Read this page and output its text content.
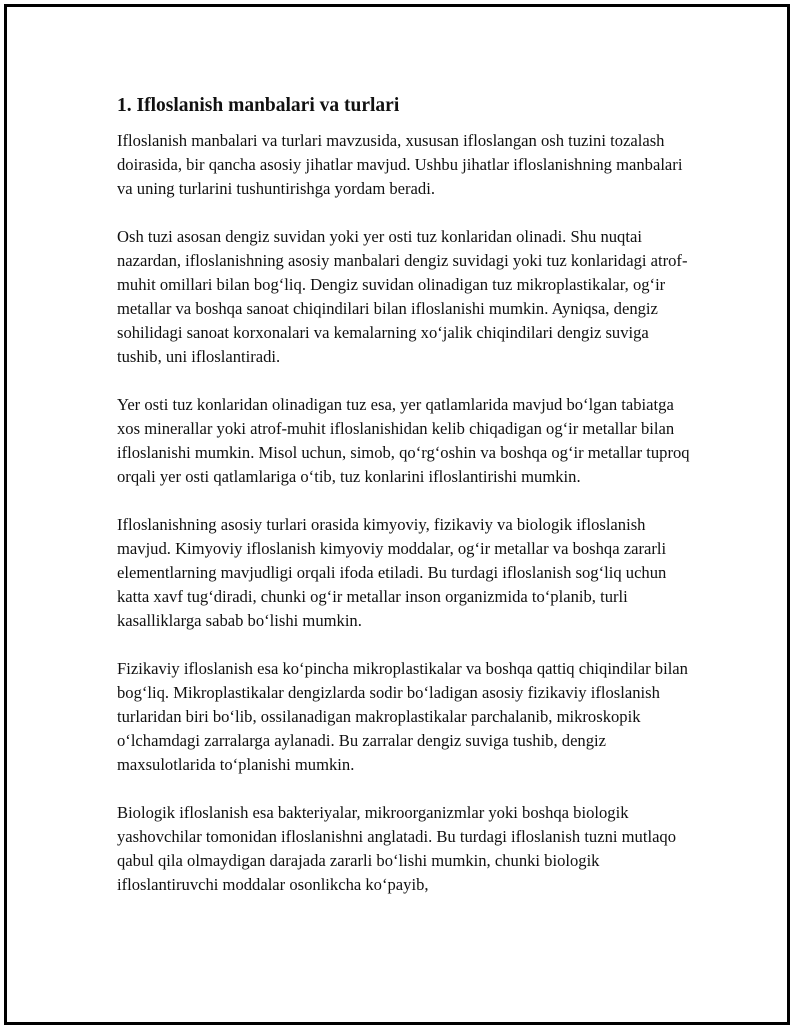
1. Ifloslanish manbalari va turlari

Ifloslanish manbalari va turlari mavzusida, xususan ifloslangan osh tuzini tozalash doirasida, bir qancha asosiy jihatlar mavjud. Ushbu jihatlar ifloslanishning manbalari va uning turlarini tushuntirishga yordam beradi.

Osh tuzi asosan dengiz suvidan yoki yer osti tuz konlaridan olinadi. Shu nuqtai nazardan, ifloslanishning asosiy manbalari dengiz suvidagi yoki tuz konlaridagi atrof-muhit omillari bilan bog‘liq. Dengiz suvidan olinadigan tuz mikroplastikalar, og‘ir metallar va boshqa sanoat chiqindilari bilan ifloslanishi mumkin. Ayniqsa, dengiz sohilidagi sanoat korxonalari va kemalarning xo‘jalik chiqindilari dengiz suviga tushib, uni ifloslantiradi.

Yer osti tuz konlaridan olinadigan tuz esa, yer qatlamlarida mavjud bo‘lgan tabiatga xos minerallar yoki atrof-muhit ifloslanishidan kelib chiqadigan og‘ir metallar bilan ifloslanishi mumkin. Misol uchun, simob, qo‘rg‘oshin va boshqa og‘ir metallar tuproq orqali yer osti qatlamlariga o‘tib, tuz konlarini ifloslantirishi mumkin.

Ifloslanishning asosiy turlari orasida kimyoviy, fizikaviy va biologik ifloslanish mavjud. Kimyoviy ifloslanish kimyoviy moddalar, og‘ir metallar va boshqa zararli elementlarning mavjudligi orqali ifoda etiladi. Bu turdagi ifloslanish sog‘liq uchun katta xavf tug‘diradi, chunki og‘ir metallar inson organizmida to‘planib, turli kasalliklarga sabab bo‘lishi mumkin.

Fizikaviy ifloslanish esa ko‘pincha mikroplastikalar va boshqa qattiq chiqindilar bilan bog‘liq. Mikroplastikalar dengizlarda sodir bo‘ladigan asosiy fizikaviy ifloslanish turlaridan biri bo‘lib, ossilanadigan makroplastikalar parchalanib, mikroskopik o‘lchamdagi zarralarga aylanadi. Bu zarralar dengiz suviga tushib, dengiz maxsulotlarida to‘planishi mumkin.

Biologik ifloslanish esa bakteriyalar, mikroorganizmlar yoki boshqa biologik yashovchilar tomonidan ifloslanishni anglatadi. Bu turdagi ifloslanish tuzni mutlaqo qabul qila olmaydigan darajada zararli bo‘lishi mumkin, chunki biologik ifloslantiruvchi moddalar osonlikcha ko‘payib,
